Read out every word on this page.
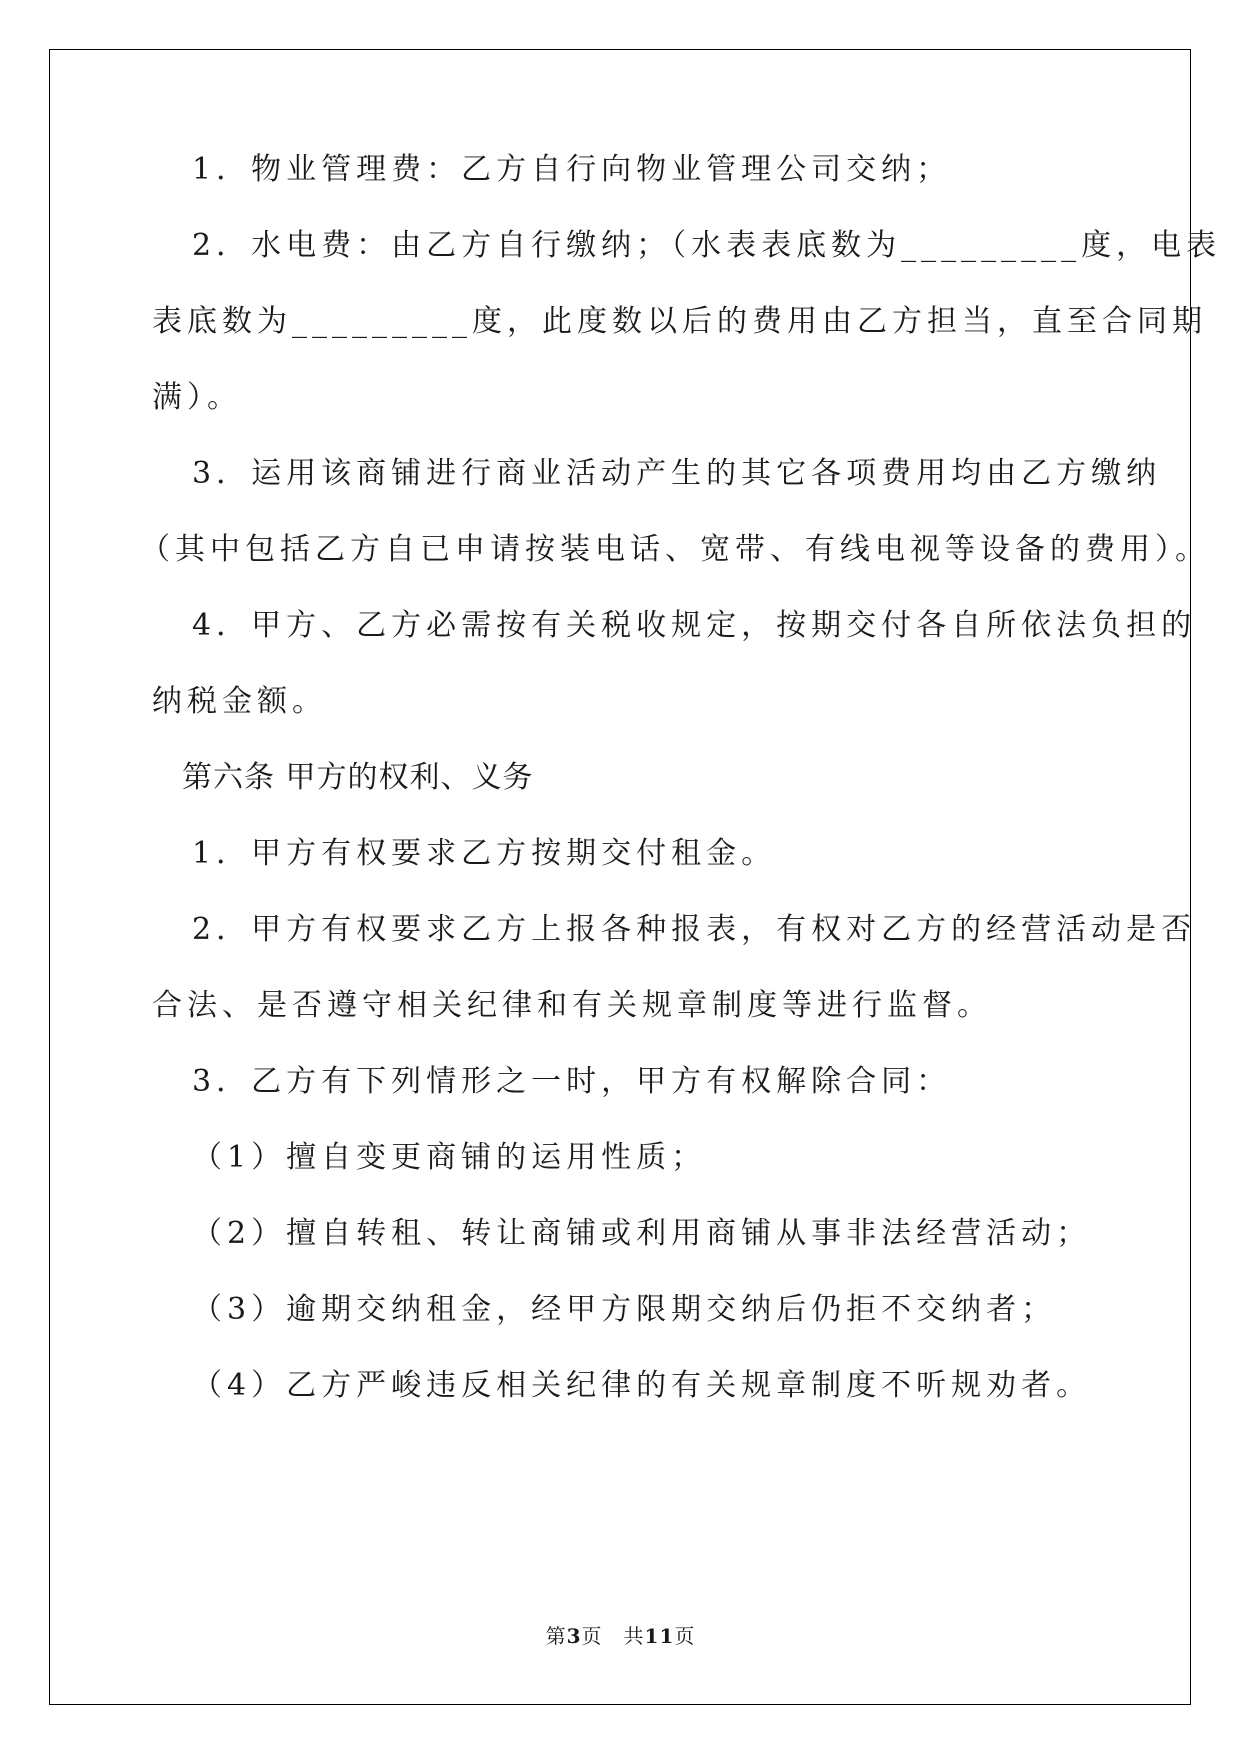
1．物业管理费：乙方自行向物业管理公司交纳；
2．水电费：由乙方自行缴纳；（水表表底数为_________度，电表
表底数为_________度，此度数以后的费用由乙方担当，直至合同期
满）。
3．运用该商铺进行商业活动产生的其它各项费用均由乙方缴纳
（其中包括乙方自已申请按装电话、宽带、有线电视等设备的费用）。
4．甲方、乙方必需按有关税收规定，按期交付各自所依法负担的
纳税金额。
第六条 甲方的权利、义务
1．甲方有权要求乙方按期交付租金。
2．甲方有权要求乙方上报各种报表，有权对乙方的经营活动是否
合法、是否遵守相关纪律和有关规章制度等进行监督。
3．乙方有下列情形之一时，甲方有权解除合同：
（1）擅自变更商铺的运用性质；
（2）擅自转租、转让商铺或利用商铺从事非法经营活动；
（3）逾期交纳租金，经甲方限期交纳后仍拒不交纳者；
（4）乙方严峻违反相关纪律的有关规章制度不听规劝者。
第3页　共11页
